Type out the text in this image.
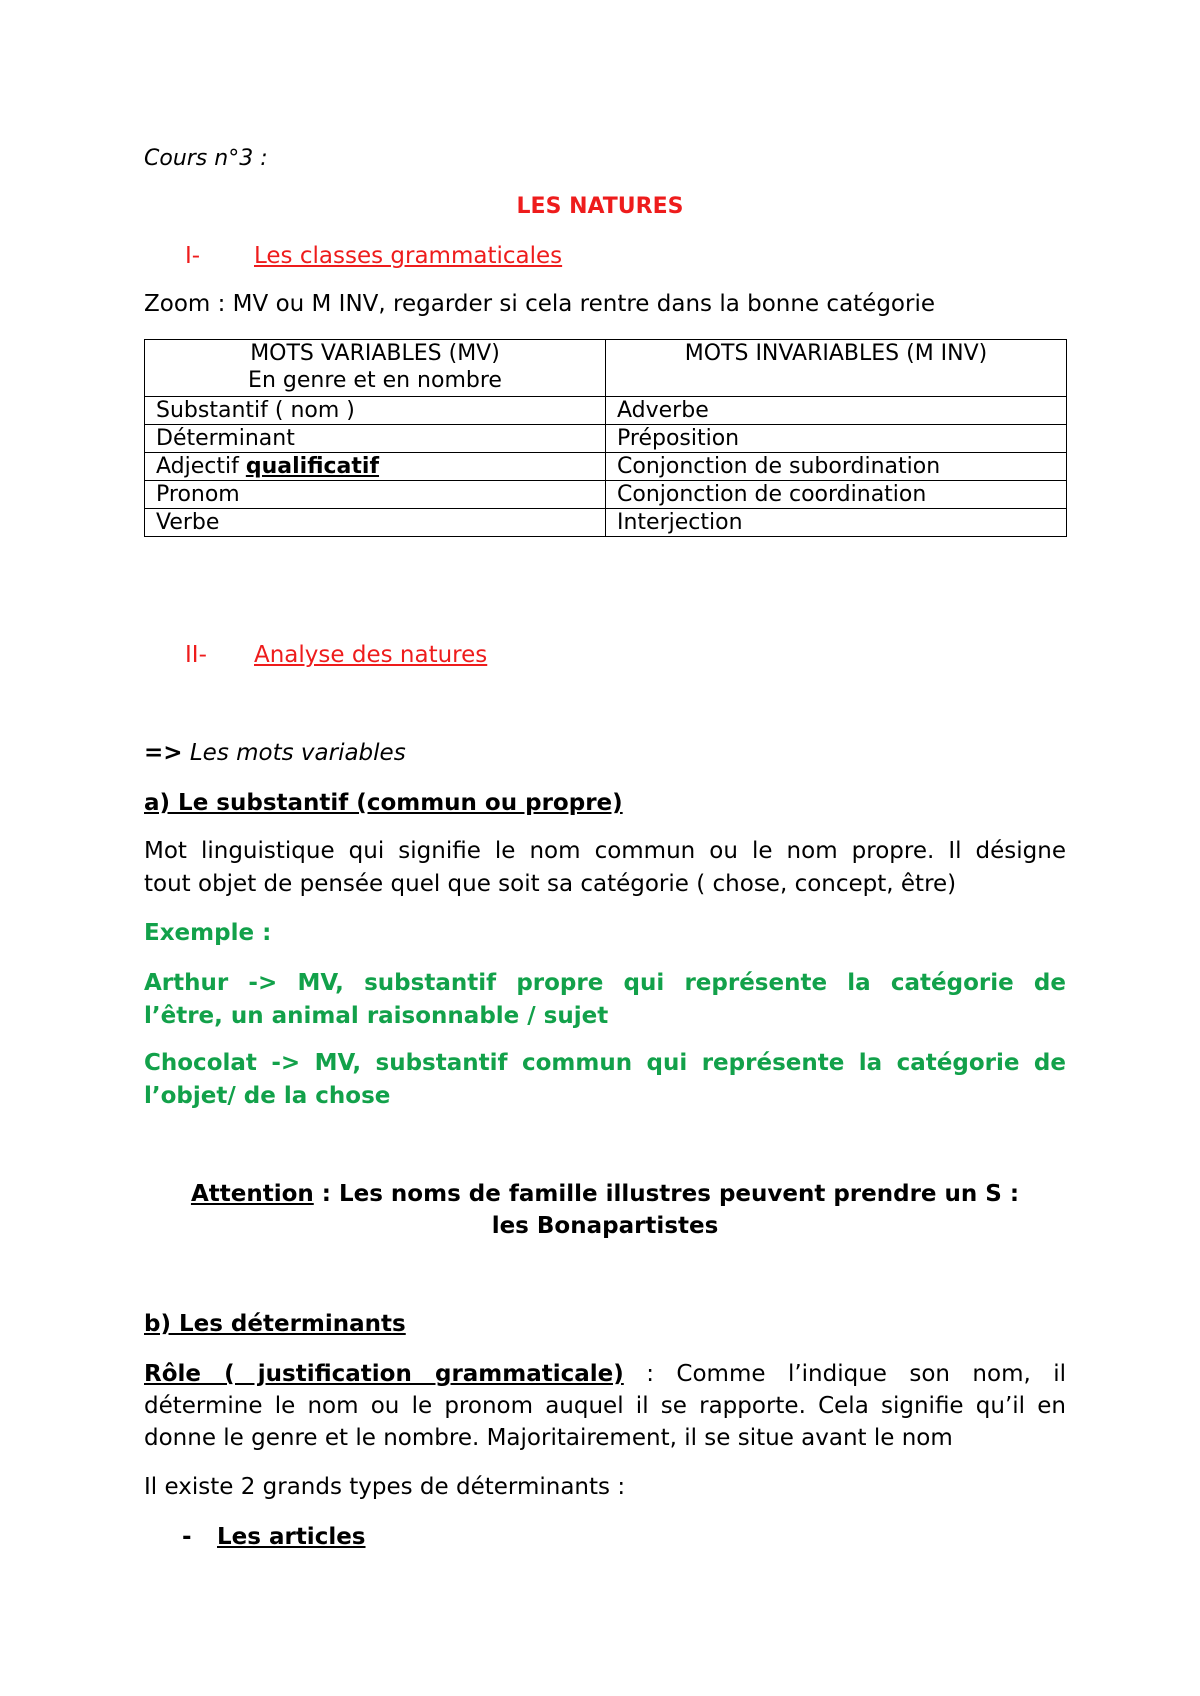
Cours n°3 :
LES NATURES
I- Les classes grammaticales
Zoom : MV ou M INV, regarder si cela rentre dans la bonne catégorie
MOTS VARIABLES (MV)
En genre et en nombre	MOTS INVARIABLES (M INV)

Substantif ( nom )	Adverbe
Déterminant	Préposition
Adjectif qualificatif	Conjonction de subordination
Pronom	Conjonction de coordination
Verbe	Interjection
II- Analyse des natures
=> Les mots variables
a) Le substantif (commun ou propre)
Mot linguistique qui signifie le nom commun ou le nom propre. Il désigne
tout objet de pensée quel que soit sa catégorie ( chose, concept, être)
Exemple :
Arthur -> MV, substantif propre qui représente la catégorie de
l’être, un animal raisonnable / sujet
Chocolat -> MV, substantif commun qui représente la catégorie de
l’objet/ de la chose
Attention : Les noms de famille illustres peuvent prendre un S :
les Bonapartistes
b) Les déterminants
Rôle ( justification grammaticale) : Comme l’indique son nom, il
détermine le nom ou le pronom auquel il se rapporte. Cela signifie qu’il en
donne le genre et le nombre. Majoritairement, il se situe avant le nom
Il existe 2 grands types de déterminants :
- Les articles
